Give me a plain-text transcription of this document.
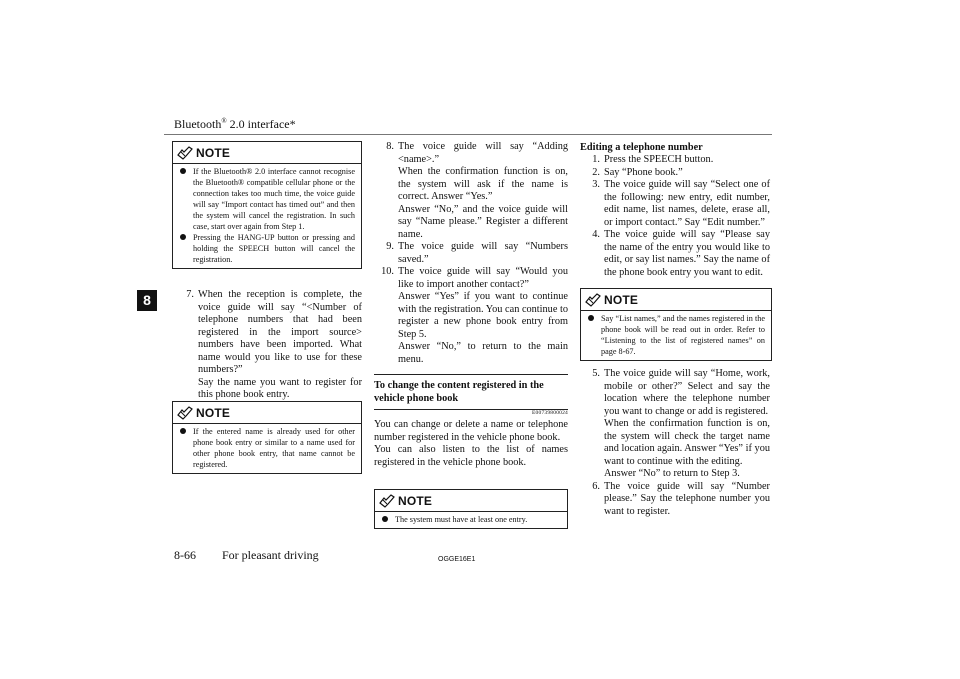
Bluetooth® 2.0 interface*
8
NOTE
If the Bluetooth® 2.0 interface cannot recognise the Bluetooth® compatible cellular phone or the connection takes too much time, the voice guide will say “Import contact has timed out” and then the system will cancel the registration. In such case, start over again from Step 1.
Pressing the HANG-UP button or pressing and holding the SPEECH button will cancel the registration.
7. When the reception is complete, the voice guide will say “<Number of telephone numbers that had been registered in the import source> numbers have been imported. What name would you like to use for these numbers?”
Say the name you want to register for this phone book entry.
NOTE
If the entered name is already used for other phone book entry or similar to a name used for other phone book entry, that name cannot be registered.
8. The voice guide will say “Adding <name>.”
When the confirmation function is on, the system will ask if the name is correct. Answer “Yes.”
Answer “No,” and the voice guide will say “Name please.” Register a different name.
9. The voice guide will say “Numbers saved.”
10. The voice guide will say “Would you like to import another contact?”
Answer “Yes” if you want to continue with the registration. You can continue to register a new phone book entry from Step 5.
Answer “No,” to return to the main menu.
To change the content registered in the vehicle phone book
E00739800024
You can change or delete a name or telephone number registered in the vehicle phone book.
You can also listen to the list of names registered in the vehicle phone book.
NOTE
The system must have at least one entry.
Editing a telephone number
1. Press the SPEECH button.
2. Say “Phone book.”
3. The voice guide will say “Select one of the following: new entry, edit number, edit name, list names, delete, erase all, or import contact.” Say “Edit number.”
4. The voice guide will say “Please say the name of the entry you would like to edit, or say list names.” Say the name of the phone book entry you want to edit.
NOTE
Say “List names,” and the names registered in the phone book will be read out in order. Refer to “Listening to the list of registered names” on page 8-67.
5. The voice guide will say “Home, work, mobile or other?” Select and say the location where the telephone number you want to change or add is registered.
When the confirmation function is on, the system will check the target name and location again. Answer “Yes” if you want to continue with the editing.
Answer “No” to return to Step 3.
6. The voice guide will say “Number please.” Say the telephone number you want to register.
8-66 For pleasant driving	OGGE16E1
